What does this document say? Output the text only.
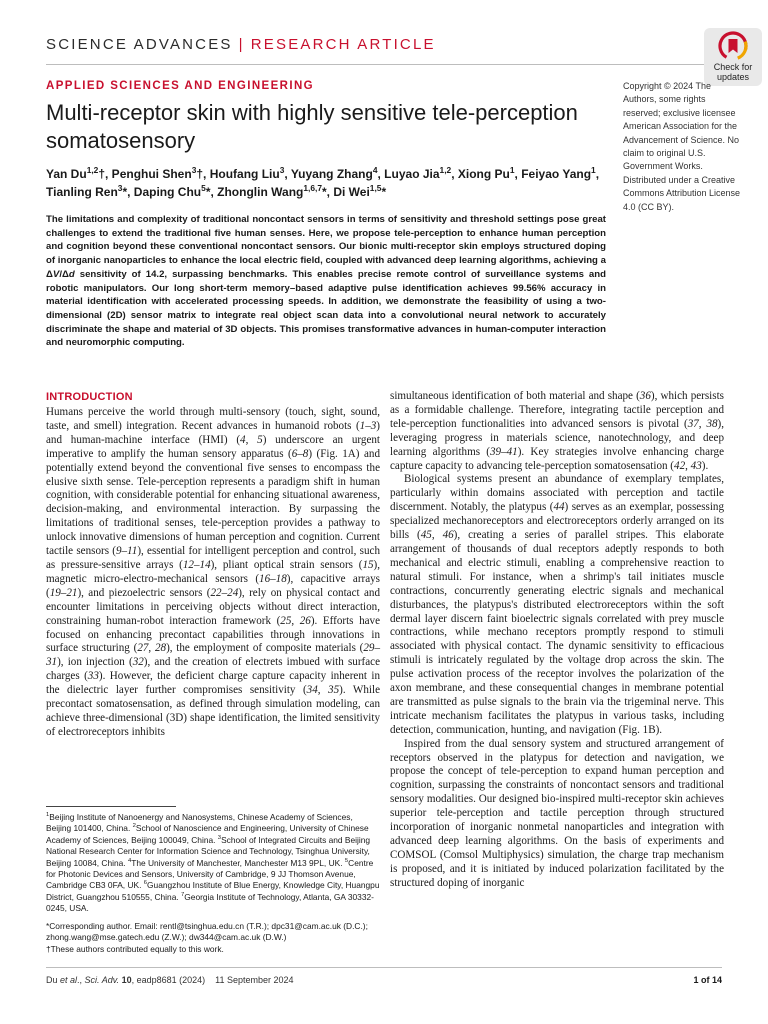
SCIENCE ADVANCES | RESEARCH ARTICLE
Check for updates
APPLIED SCIENCES AND ENGINEERING
Multi-receptor skin with highly sensitive tele-perception somatosensory
Yan Du$^{1,2}$†, Penghui Shen$^3$†, Houfang Liu$^3$, Yuyang Zhang$^4$, Luyao Jia$^{1,2}$, Xiong Pu$^1$, Feiyao Yang$^1$, Tianling Ren$^3$*, Daping Chu$^5$*, Zhonglin Wang$^{1,6,7}$*, Di Wei$^{1,5}$*
The limitations and complexity of traditional noncontact sensors in terms of sensitivity and threshold settings pose great challenges to extend the traditional five human senses. Here, we propose tele-perception to enhance human perception and cognition beyond these conventional noncontact sensors. Our bionic multi-receptor skin employs structured doping of inorganic nanoparticles to enhance the local electric field, coupled with advanced deep learning algorithms, achieving a ΔV/Δd sensitivity of 14.2, surpassing benchmarks. This enables precise remote control of surveillance systems and robotic manipulators. Our long short-term memory–based adaptive pulse identification achieves 99.56% accuracy in material identification with accelerated processing speeds. In addition, we demonstrate the feasibility of using a two-dimensional (2D) sensor matrix to integrate real object scan data into a convolutional neural network to accurately discriminate the shape and material of 3D objects. This promises transformative advances in human-computer interaction and neuromorphic computing.
Copyright © 2024 The Authors, some rights reserved; exclusive licensee American Association for the Advancement of Science. No claim to original U.S. Government Works. Distributed under a Creative Commons Attribution License 4.0 (CC BY).
INTRODUCTION

Humans perceive the world through multi-sensory (touch, sight, sound, taste, and smell) integration. Recent advances in humanoid robots (1–3) and human-machine interface (HMI) (4, 5) underscore an urgent imperative to amplify the human sensory apparatus (6–8) (Fig. 1A) and potentially extend beyond the conventional five senses to encompass the elusive sixth sense. Tele-perception represents a paradigm shift in human cognition, with considerable potential for enhancing situational awareness, decision-making, and environmental interaction. By surpassing the limitations of traditional senses, tele-perception provides a pathway to unlock innovative dimensions of human perception and cognition. Current tactile sensors (9–11), essential for intelligent perception and control, such as pressure-sensitive arrays (12–14), pliant optical strain sensors (15), magnetic micro-electro-mechanical sensors (16–18), capacitive arrays (19–21), and piezoelectric sensors (22–24), rely on physical contact and encounter limitations in perceiving objects without direct interaction, constraining human-robot interaction framework (25, 26). Efforts have focused on enhancing precontact capabilities through innovations in surface structuring (27, 28), the employment of composite materials (29–31), ion injection (32), and the creation of electrets imbued with surface charges (33). However, the deficient charge capture capacity inherent in the dielectric layer further compromises sensitivity (34, 35). While precontact somatosensation, as defined through simulation modeling, can achieve three-dimensional (3D) shape identification, the limited sensitivity of electroreceptors inhibits

simultaneous identification of both material and shape (36), which persists as a formidable challenge. Therefore, integrating tactile perception and tele-perception functionalities into advanced sensors is pivotal (37, 38), leveraging progress in materials science, nanotechnology, and deep learning algorithms (39–41). Key strategies involve enhancing charge capture capacity to advancing tele-perception somatosensation (42, 43).

Biological systems present an abundance of exemplary templates, particularly within domains associated with perception and tactile discernment. Notably, the platypus (44) serves as an exemplar, possessing specialized mechanoreceptors and electroreceptors orderly arranged on its bills (45, 46), creating a series of parallel stripes. This elaborate arrangement of thousands of dual receptors adeptly responds to both mechanical and electric stimuli, enabling a comprehensive reaction to natural stimuli. For instance, when a shrimp's tail initiates muscle contractions, concurrently generating electric signals and mechanical disturbances, the platypus's distributed electroreceptors within the soft dermal layer discern faint bioelectric signals correlated with prey muscle contractions, while mechano receptors promptly respond to stimuli associated with physical contact. The dynamic sensitivity to efficacious stimuli is intricately regulated by the voltage drop across the skin. The pulse activation process of the receptor involves the polarization of the axon membrane, and these consequential changes in membrane potential are transmitted as pulse signals to the brain via the trigeminal nerve. This intricate mechanism facilitates the platypus in various tasks, including detection, communication, hunting, and navigation (Fig. 1B).

Inspired from the dual sensory system and structured arrangement of receptors observed in the platypus for detection and navigation, we propose the concept of tele-perception to expand human perception and cognition, surpassing the constraints of noncontact sensors and traditional sensory modalities. Our designed bio-inspired multi-receptor skin achieves superior tele-perception and tactile perception through structured incorporation of inorganic nonmetal nanoparticles and integration with advanced deep learning algorithms. On the basis of experiments and COMSOL (Comsol Multiphysics) simulation, the charge trap mechanism is proposed, and it is initiated by induced polarization facilitated by the structured doping of inorganic

$^1$Beijing Institute of Nanoenergy and Nanosystems, Chinese Academy of Sciences, Beijing 101400, China. $^2$School of Nanoscience and Engineering, University of Chinese Academy of Sciences, Beijing 100049, China. $^3$School of Integrated Circuits and Beijing National Research Center for Information Science and Technology, Tsinghua University, Beijing 10084, China. $^4$The University of Manchester, Manchester M13 9PL, UK. $^5$Centre for Photonic Devices and Sensors, University of Cambridge, 9 JJ Thomson Avenue, Cambridge CB3 0FA, UK. $^6$Guangzhou Institute of Blue Energy, Knowledge City, Huangpu District, Guangzhou 510555, China. $^7$Georgia Institute of Technology, Atlanta, GA 30332-0245, USA.
*Corresponding author. Email: rentl@tsinghua.edu.cn (T.R.); dpc31@cam.ac.uk (D.C.); zhong.wang@mse.gatech.edu (Z.W.); dw344@cam.ac.uk (D.W.)
†These authors contributed equally to this work.
Du et al., Sci. Adv. 10, eadp8681 (2024)    11 September 2024	1 of 14
